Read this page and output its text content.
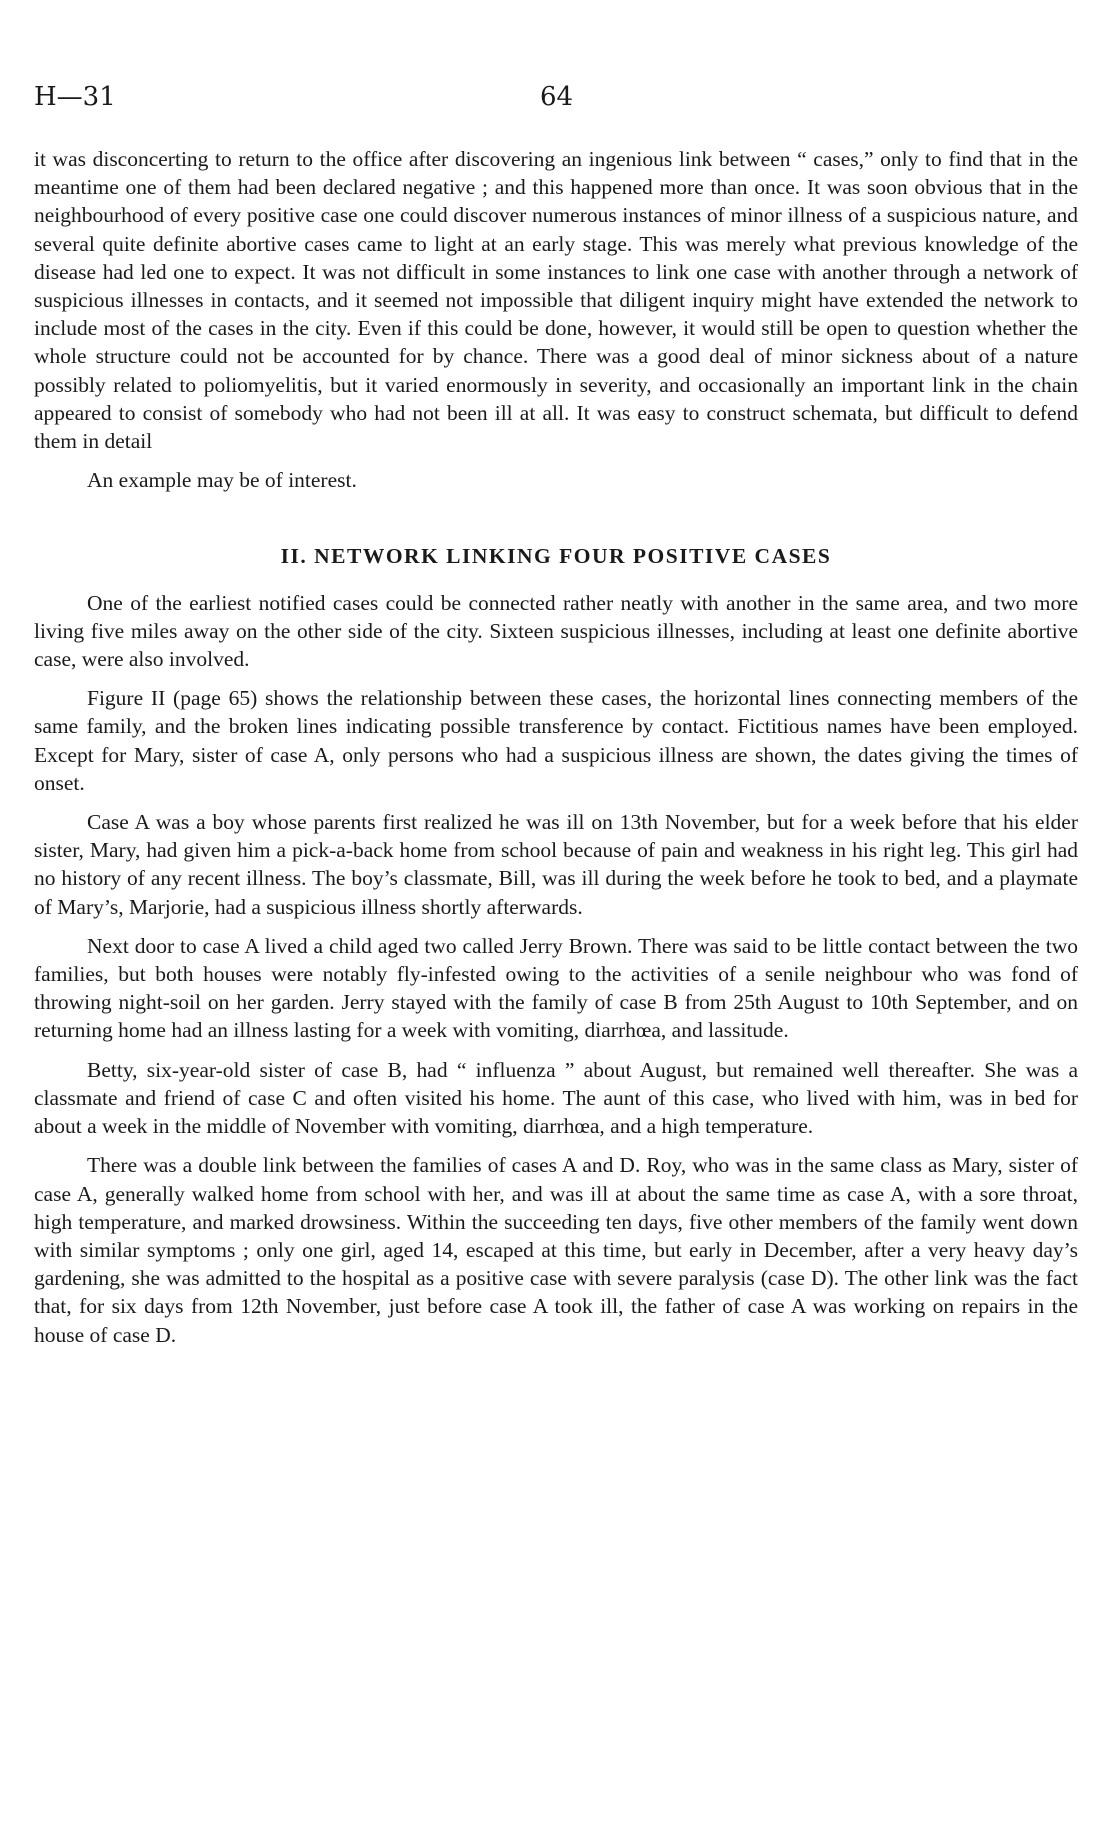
H—31	64

it was disconcerting to return to the office after discovering an ingenious link between “ cases,” only to find that in the meantime one of them had been declared negative ; and this happened more than once. It was soon obvious that in the neighbourhood of every positive case one could discover numerous instances of minor illness of a suspicious nature, and several quite definite abortive cases came to light at an early stage. This was merely what previous knowledge of the disease had led one to expect. It was not difficult in some instances to link one case with another through a network of suspicious illnesses in contacts, and it seemed not impossible that diligent inquiry might have extended the network to include most of the cases in the city. Even if this could be done, however, it would still be open to question whether the whole structure could not be accounted for by chance. There was a good deal of minor sickness about of a nature possibly related to poliomyelitis, but it varied enormously in severity, and occasionally an important link in the chain appeared to consist of somebody who had not been ill at all. It was easy to construct schemata, but difficult to defend them in detail

An example may be of interest.

II. NETWORK LINKING FOUR POSITIVE CASES

One of the earliest notified cases could be connected rather neatly with another in the same area, and two more living five miles away on the other side of the city. Sixteen suspicious illnesses, including at least one definite abortive case, were also involved.

Figure II (page 65) shows the relationship between these cases, the horizontal lines connecting members of the same family, and the broken lines indicating possible transference by contact. Fictitious names have been employed. Except for Mary, sister of case A, only persons who had a suspicious illness are shown, the dates giving the times of onset.

Case A was a boy whose parents first realized he was ill on 13th November, but for a week before that his elder sister, Mary, had given him a pick-a-back home from school because of pain and weakness in his right leg. This girl had no history of any recent illness. The boy’s classmate, Bill, was ill during the week before he took to bed, and a playmate of Mary’s, Marjorie, had a suspicious illness shortly afterwards.

Next door to case A lived a child aged two called Jerry Brown. There was said to be little contact between the two families, but both houses were notably fly-infested owing to the activities of a senile neighbour who was fond of throwing night-soil on her garden. Jerry stayed with the family of case B from 25th August to 10th September, and on returning home had an illness lasting for a week with vomiting, diarrhœa, and lassitude.

Betty, six-year-old sister of case B, had “ influenza ” about August, but remained well thereafter. She was a classmate and friend of case C and often visited his home. The aunt of this case, who lived with him, was in bed for about a week in the middle of November with vomiting, diarrhœa, and a high temperature.

There was a double link between the families of cases A and D. Roy, who was in the same class as Mary, sister of case A, generally walked home from school with her, and was ill at about the same time as case A, with a sore throat, high temperature, and marked drowsiness. Within the succeeding ten days, five other members of the family went down with similar symptoms ; only one girl, aged 14, escaped at this time, but early in December, after a very heavy day’s gardening, she was admitted to the hospital as a positive case with severe paralysis (case D). The other link was the fact that, for six days from 12th November, just before case A took ill, the father of case A was working on repairs in the house of case D.
